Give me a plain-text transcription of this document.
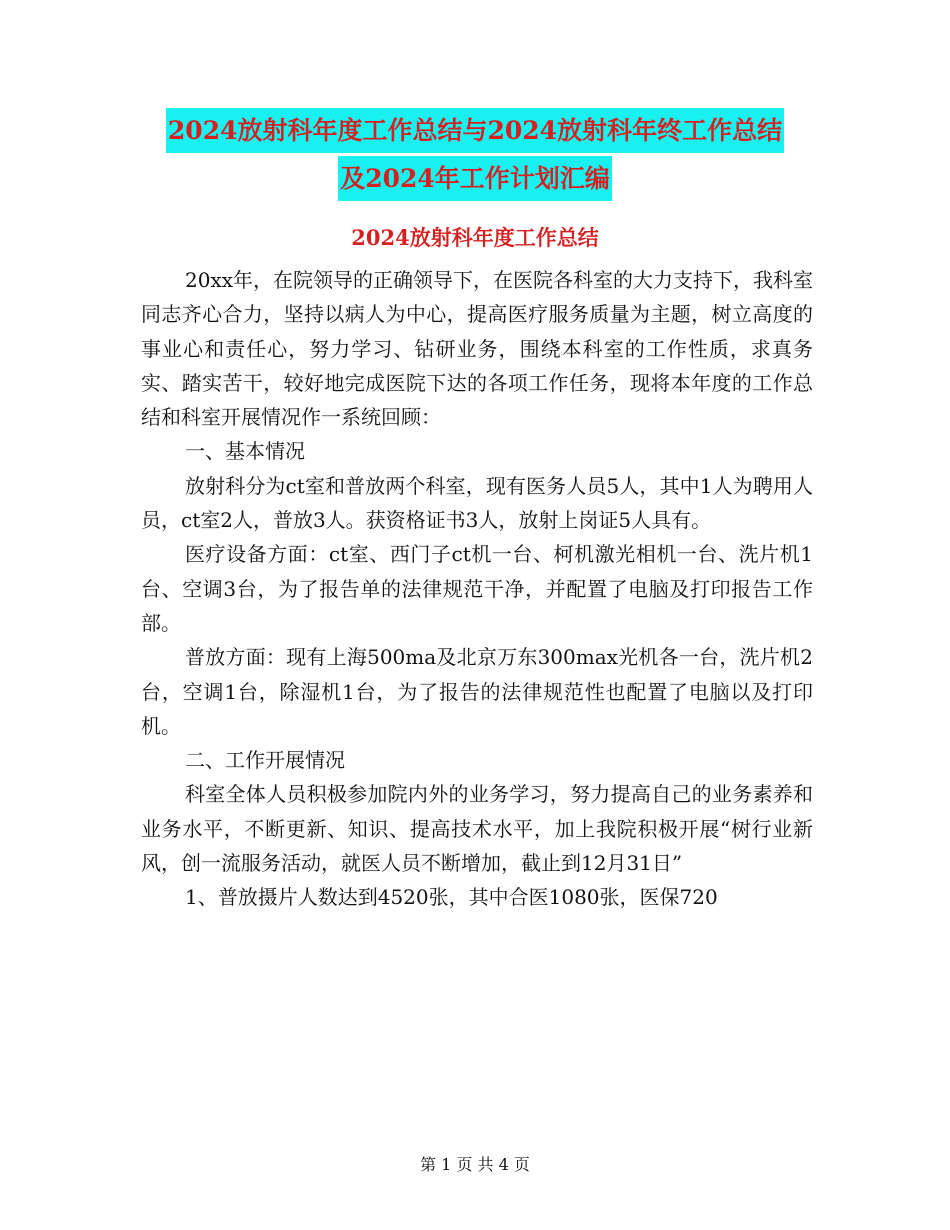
2024放射科年度工作总结与2024放射科年终工作总结
及2024年工作计划汇编
2024放射科年度工作总结

20xx年，在院领导的正确领导下，在医院各科室的大力支持下，我科室同志齐心合力，坚持以病人为中心，提高医疗服务质量为主题，树立高度的事业心和责任心，努力学习、钻研业务，围绕本科室的工作性质，求真务实、踏实苦干，较好地完成医院下达的各项工作任务，现将本年度的工作总结和科室开展情况作一系统回顾：

一、基本情况

放射科分为ct室和普放两个科室，现有医务人员5人，其中1人为聘用人员，ct室2人，普放3人。获资格证书3人，放射上岗证5人具有。

医疗设备方面：ct室、西门子ct机一台、柯机激光相机一台、洗片机1台、空调3台，为了报告单的法律规范干净，并配置了电脑及打印报告工作部。

普放方面：现有上海500ma及北京万东300max光机各一台，洗片机2台，空调1台，除湿机1台，为了报告的法律规范性也配置了电脑以及打印机。

二、工作开展情况

科室全体人员积极参加院内外的业务学习，努力提高自己的业务素养和业务水平，不断更新、知识、提高技术水平，加上我院积极开展“树行业新风，创一流服务活动，就医人员不断增加，截止到12月31日”

1、普放摄片人数达到4520张，其中合医1080张，医保720

第 1 页 共 4 页
